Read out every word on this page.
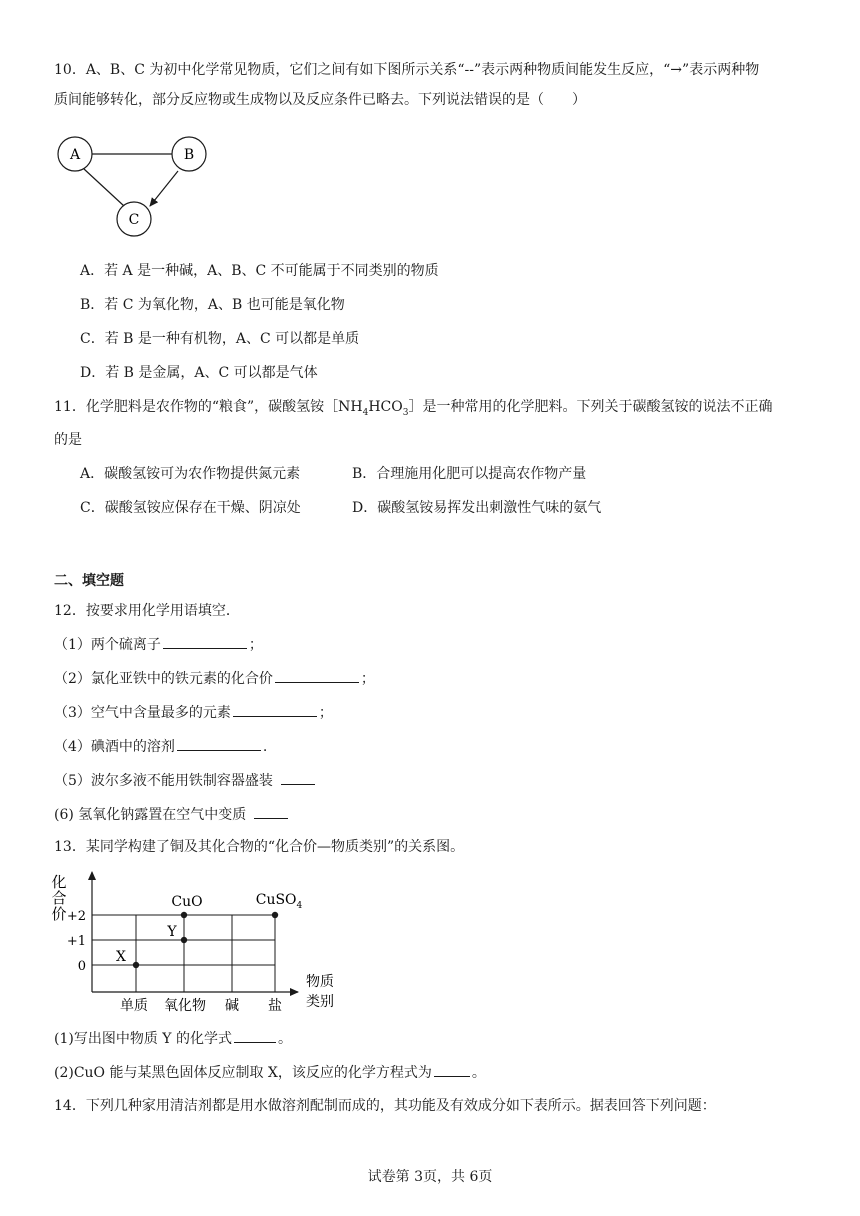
10．A、B、C 为初中化学常见物质，它们之间有如下图所示关系“--”表示两种物质间能发生反应，“→”表示两种物
质间能够转化，部分反应物或生成物以及反应条件已略去。下列说法错误的是（　　）
A	B
C
A．若 A 是一种碱，A、B、C 不可能属于不同类别的物质
B．若 C 为氧化物，A、B 也可能是氧化物
C．若 B 是一种有机物，A、C 可以都是单质
D．若 B 是金属，A、C 可以都是气体
11．化学肥料是农作物的“粮食”，碳酸氢铵$[NH_4HCO_3]$是一种常用的化学肥料。下列关于碳酸氢铵的说法不正确
的是
A．碳酸氢铵可为农作物提供氮元素	B．合理施用化肥可以提高农作物产量
C．碳酸氢铵应保存在干燥、阴凉处	D．碳酸氢铵易挥发出刺激性气味的氨气
二、填空题
12．按要求用化学用语填空．
（1）两个硫离子	；
（2）氯化亚铁中的铁元素的化合价	；
（3）空气中含量最多的元素	；
（4）碘酒中的溶剂	.
（5）波尔多液不能用铁制容器盛装
(6) 氢氧化钠露置在空气中变质
13．某同学构建了铜及其化合物的“化合价—物质类别”的关系图。
化
合
价 +2
+1
0
单质 氧化物 碱 盐
物质
类别
X
Y
CuO	CuSO$_4$
(1)写出图中物质 Y 的化学式	。
(2)CuO 能与某黑色固体反应制取 X，该反应的化学方程式为	。
14．下列几种家用清洁剂都是用水做溶剂配制而成的，其功能及有效成分如下表所示。据表回答下列问题：
试卷第 3页，共 6页
